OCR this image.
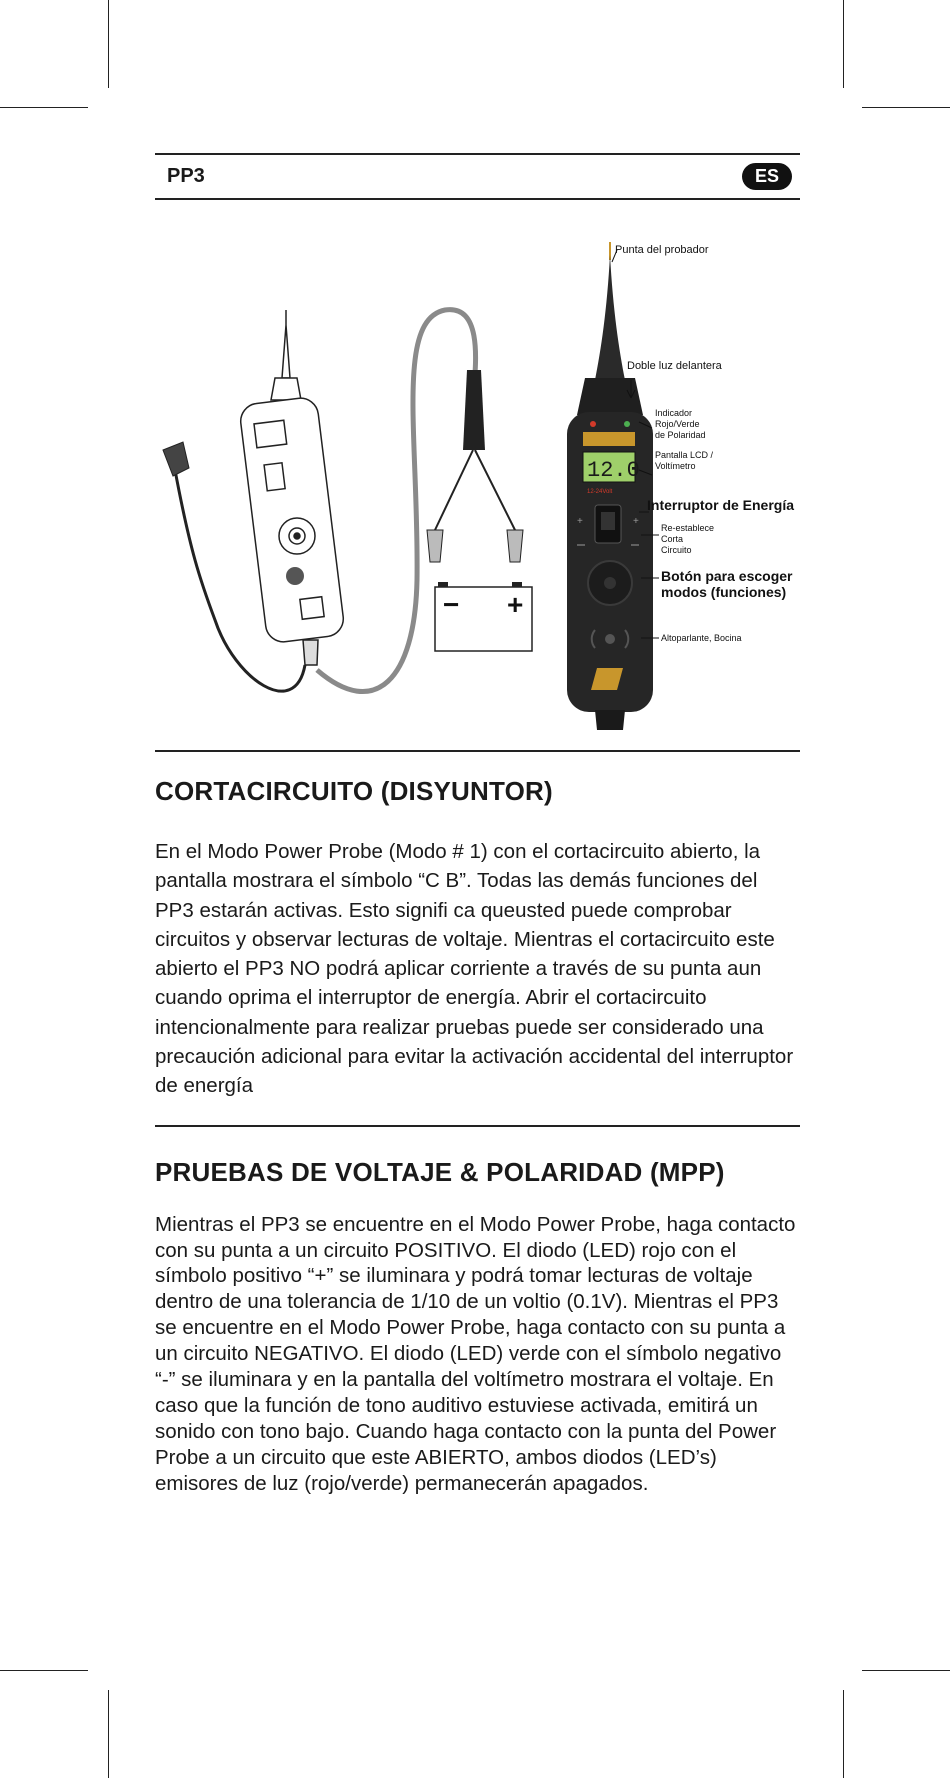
PP3	ES
− +
12.0
12-24Volt
+	+
Punta del probador
Doble luz delantera
Indicador
Rojo/Verde
de Polaridad
Pantalla LCD /
Voltímetro
Interruptor de Energía
Re-establece
Corta
Circuito
Botón para escoger
modos (funciones)
Altoparlante, Bocina
CORTACIRCUITO (DISYUNTOR)

En el Modo Power Probe (Modo # 1) con el cortacircuito abierto, la pantalla mostrara el símbolo “C B”. Todas las demás funciones del PP3 estarán activas. Esto signifi ca queusted puede comprobar circuitos y observar lecturas de voltaje. Mientras el cortacircuito este abierto el PP3 NO podrá aplicar corriente a través de su punta aun cuando oprima el interruptor de energía. Abrir el cortacircuito intencionalmente para realizar pruebas puede ser considerado una precaución adicional para evitar la activación accidental del interruptor de energía

PRUEBAS DE VOLTAJE & POLARIDAD (MPP)

Mientras el PP3 se encuentre en el Modo Power Probe, haga contacto con su punta a un circuito POSITIVO. El diodo (LED) rojo con el símbolo positivo “+” se iluminara y podrá tomar lecturas de voltaje dentro de una tolerancia de 1/10 de un voltio (0.1V). Mientras el PP3 se encuentre en el Modo Power Probe, haga contacto con su punta a un circuito NEGATIVO. El diodo (LED) verde con el símbolo negativo “-” se iluminara y en la pantalla del voltímetro mostrara el voltaje. En caso que la función de tono auditivo estuviese activada, emitirá un sonido con tono bajo. Cuando haga contacto con la punta del Power Probe a un circuito que este ABIERTO, ambos diodos (LED’s) emisores de luz (rojo/verde) permanecerán apagados.
